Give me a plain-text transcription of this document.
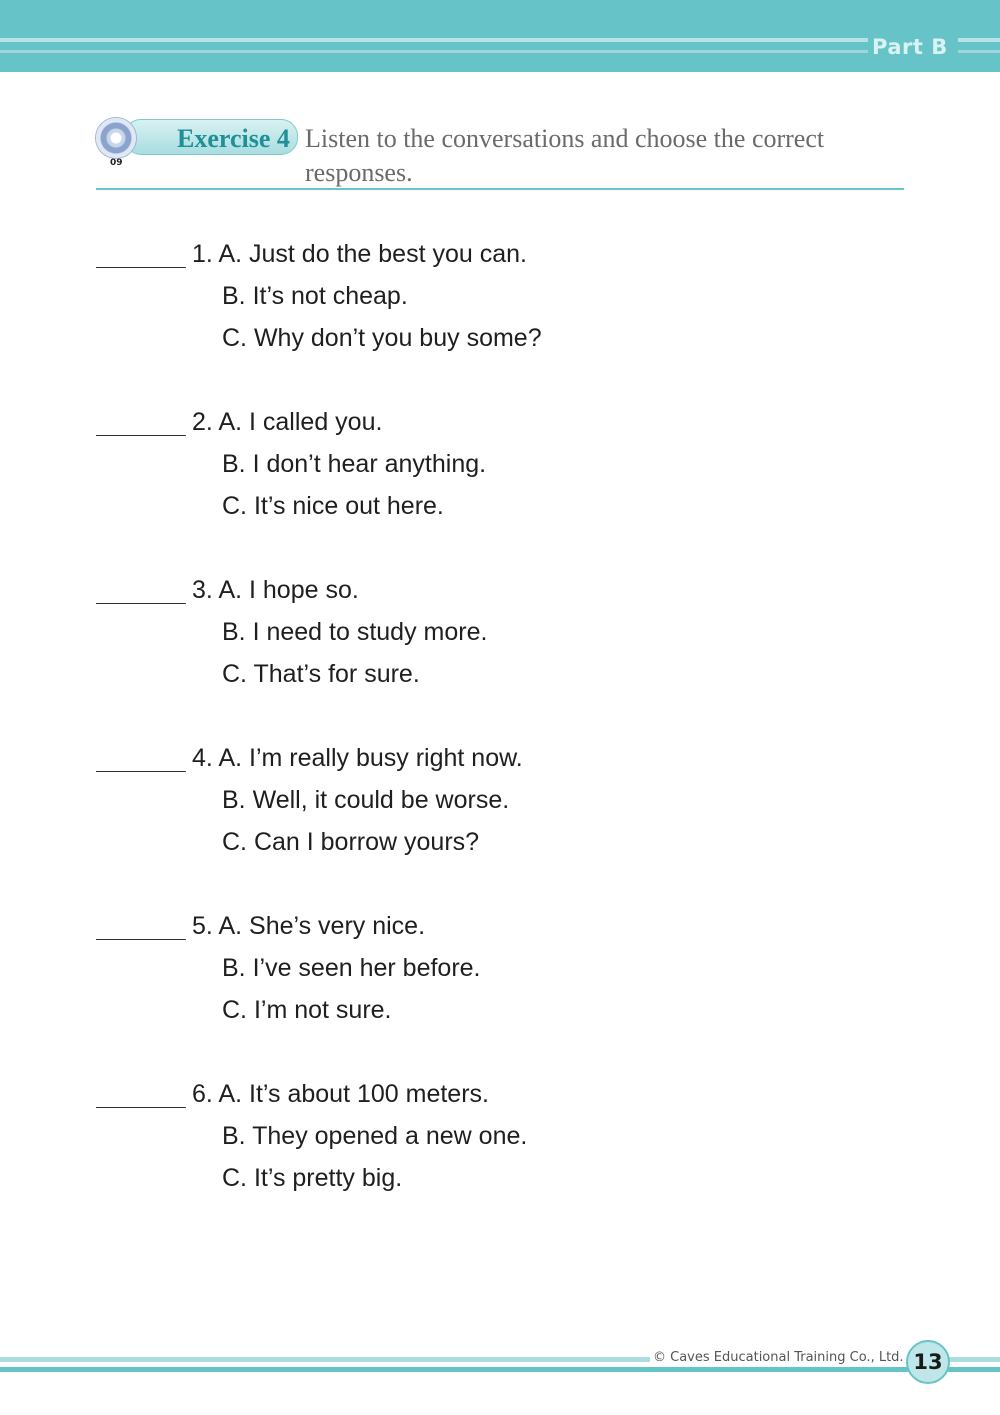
Part B
Exercise 4
09
Listen to the conversations and choose the correct
responses.
1. A. Just do the best you can.
B. It’s not cheap.
C. Why don’t you buy some?
2. A. I called you.
B. I don’t hear anything.
C. It’s nice out here.
3. A. I hope so.
B. I need to study more.
C. That’s for sure.
4. A. I’m really busy right now.
B. Well, it could be worse.
C. Can I borrow yours?
5. A. She’s very nice.
B. I’ve seen her before.
C. I’m not sure.
6. A. It’s about 100 meters.
B. They opened a new one.
C. It’s pretty big.
© Caves Educational Training Co., Ltd. 13
